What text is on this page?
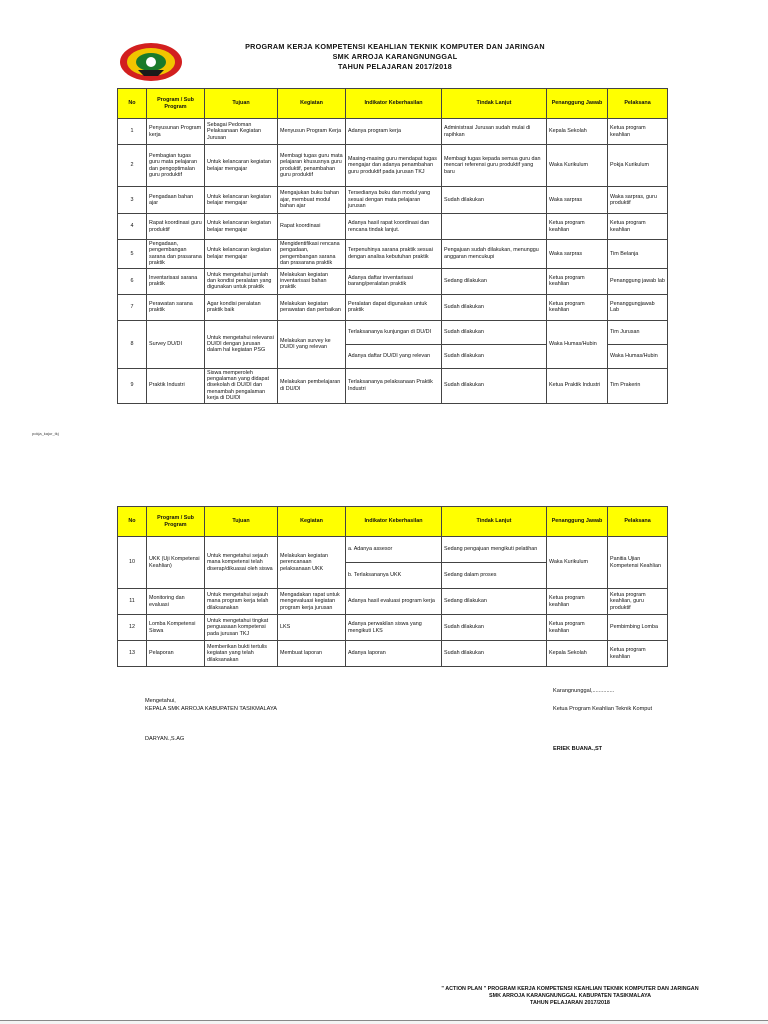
PROGRAM KERJA KOMPETENSI KEAHLIAN TEKNIK KOMPUTER DAN JARINGAN
SMK ARROJA KARANGNUNGGAL
TAHUN PELAJARAN 2017/2018
No	Program / Sub Program	Tujuan	Kegiatan	Indikator Keberhasilan	Tindak Lanjut	Penanggung Jawab	Pelaksana
1	Penyusunan Program kerja	Sebagai Pedoman Pelaksanaan Kegiatan Jurusan	Menyusun Program Kerja	Adanya program kerja	Administrasi Jurusan sudah mulai di rapihkan	Kepala Sekolah	Ketua program keahlian
2	Pembagian tugas guru mata pelajaran dan pengoptimalan guru produktif	Untuk kelancaran kegiatan belajar mengajar	Membagi tugas guru mata pelajaran khususnya guru produktif, penambahan guru produktif	Masing-masing guru mendapat tugas mengajar dan adanya penambahan guru produktif pada jurusan TKJ	Membagi tugas kepada semua guru dan mencari referensi guru produktif yang baru	Waka Kurikulum	Pokja Kurikulum
3	Pengadaan bahan ajar	Untuk kelancaran kegiatan belajar mengajar	Mengajukan buku bahan ajar, membuat modul bahan ajar	Tersedianya buku dan modul yang sesuai dengan mata pelajaran jurusan	Sudah dilakukan	Waka sarpras	Waka sarpras, guru produktif
4	Rapat koordinasi guru produktif	Untuk kelancaran kegiatan belajar mengajar	Rapat koordinasi	Adanya hasil rapat koordinasi dan rencana tindak lanjut.		Ketua program keahlian	Ketua program keahlian
5	Pengadaan, pengembangan sarana dan prasarana praktik	Untuk kelancaran kegiatan belajar mengajar	Mengidentifikasi rencana pengadaan, pengembangan sarana dan prasarana praktik	Terpenuhinya sarana praktik sesuai dengan analisa kebutuhan praktik	Pengajuan sudah dilakukan, menunggu anggaran mencukupi	Waka sarpras	Tim Belanja
6	Inventarisasi sarana praktik	Untuk mengetahui jumlah dan kondisi peralatan yang digunakan untuk praktik	Melakukan kegiatan inventarisasi bahan praktik	Adanya daftar inventarisasi barang/peralatan praktik	Sedang dilakukan	Ketua program keahlian	Penanggung jawab lab
7	Perawatan sarana praktik	Agar kondisi peralatan praktik baik	Melakukan kegiatan perawatan dan perbaikan	Peralatan dapat digunakan untuk praktik	Sudah dilakukan	Ketua program keahlian	Penanggungjawab Lab
8	Survey DU/DI	Untuk mengetahui relevansi DU/DI dengan jurusan dalam hal kegiatan PSG	Melakukan survey ke DU/DI yang relevan	Terlaksananya kunjungan di DU/DI	Sudah dilakukan	Waka Humas/Hubin	Tim Jurusan
				Adanya daftar DU/DI yang relevan	Sudah dilakukan		Waka Humas/Hubin
9	Praktik Industri	Siswa memperoleh pengalaman yang didapat disekolah di DU/DI dan menambah pengalaman kerja di DU/DI	Melakukan pembelajaran di DU/DI	Terlaksananya pelaksanaan Praktik Industri	Sudah dilakukan	Ketua Praktik Industri	Tim Prakerin
pokja_kajur_tkj
No	Program / Sub Program	Tujuan	Kegiatan	Indikator Keberhasilan	Tindak Lanjut	Penanggung Jawab	Pelaksana
10	UKK (Uji Kompetensi Keahlian)	Untuk mengetahui sejauh mana kompetensi telah diserap/dikuasai oleh siswa	Melakukan kegiatan perencanaan pelaksanaan UKK	a. Adanya assesor	Sedang pengajuan mengikuti pelatihan	Waka Kurikulum	Panitia Ujian Kompetensi Keahlian
				b. Terlaksananya UKK	Sedang dalam proses		
11	Monitoring dan evaluasi	Untuk mengetahui sejauh mana program kerja telah dilaksanakan	Mengadakan rapat untuk mengevaluasi kegiatan program kerja jurusan	Adanya hasil evaluasi program kerja	Sedang dilakukan	Ketua program keahlian	Ketua program keahlian, guru produktif
12	Lomba Kompetensi Siswa	Untuk mengetahui tingkat penguasaan kompetensi pada jurusan TKJ	LKS	Adanya perwakilan siswa yang mengikuti LKS	Sudah dilakukan	Ketua program keahlian	Pembimbing Lomba
13	Pelaporan	Memberikan bukti tertulis kegiatan yang telah dilaksanakan	Membuat laporan	Adanya laporan	Sudah dilakukan	Kepala Sekolah	Ketua program keahlian
Karangnunggal,..............
Mengetahui,
KEPALA SMK ARROJA KABUPATEN TASIKMALAYA	Ketua Program Keahlian Teknik Komput
DARYAN.,S.AG
ERIEK BUANA.,ST
" ACTION PLAN " PROGRAM KERJA KOMPETENSI KEAHLIAN TEKNIK KOMPUTER DAN JARINGAN
SMK ARROJA KARANGNUNGGAL KABUPATEN TASIKMALAYA
TAHUN PELAJARAN 2017/2018
